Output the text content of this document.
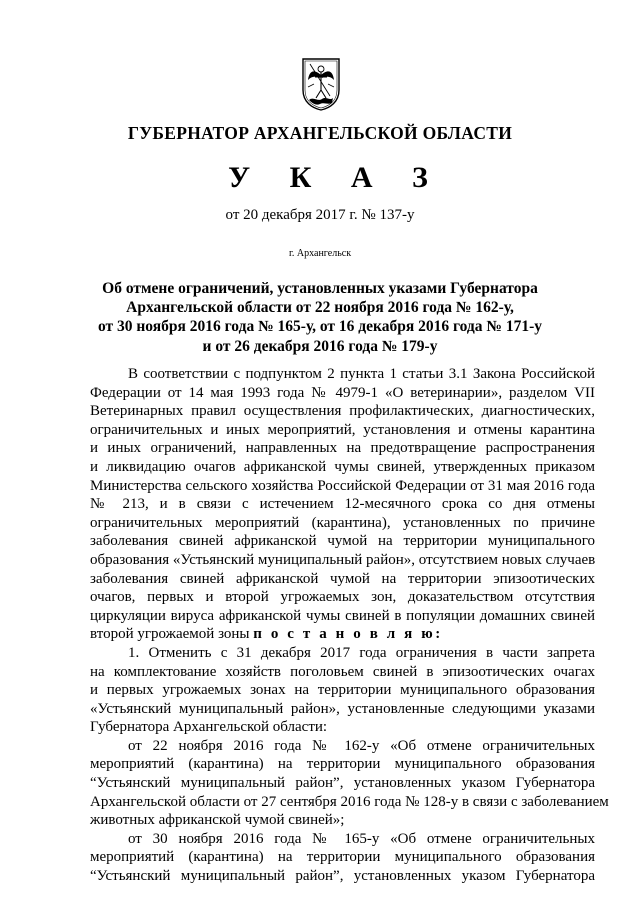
ГУБЕРНАТОР АРХАНГЕЛЬСКОЙ ОБЛАСТИ
У К А З
от 20 декабря 2017 г. № 137-у
г. Архангельск
Об отмене ограничений, установленных указами Губернатора
Архангельской области от 22 ноября 2016 года № 162-у,
от 30 ноября 2016 года № 165-у, от 16 декабря 2016 года № 171-у
и от 26 декабря 2016 года № 179-у
В соответствии с подпунктом 2 пункта 1 статьи 3.1 Закона Российской
Федерации от 14 мая 1993 года № 4979-1 «О ветеринарии», разделом VII
Ветеринарных правил осуществления профилактических, диагностических,
ограничительных и иных мероприятий, установления и отмены карантина
и иных ограничений, направленных на предотвращение распространения
и ликвидацию очагов африканской чумы свиней, утвержденных приказом
Министерства сельского хозяйства Российской Федерации от 31 мая 2016 года
№ 213, и в связи с истечением 12-месячного срока со дня отмены
ограничительных мероприятий (карантина), установленных по причине
заболевания свиней африканской чумой на территории муниципального
образования «Устьянский муниципальный район», отсутствием новых случаев
заболевания свиней африканской чумой на территории эпизоотических
очагов, первых и второй угрожаемых зон, доказательством отсутствия
циркуляции вируса африканской чумы свиней в популяции домашних свиней
второй угрожаемой зоны п о с т а н о в л я ю:
1. Отменить с 31 декабря 2017 года ограничения в части запрета
на комплектование хозяйств поголовьем свиней в эпизоотических очагах
и первых угрожаемых зонах на территории муниципального образования
«Устьянский муниципальный район», установленные следующими указами
Губернатора Архангельской области:
от 22 ноября 2016 года № 162-у «Об отмене ограничительных
мероприятий (карантина) на территории муниципального образования
“Устьянский муниципальный район”, установленных указом Губернатора
Архангельской области от 27 сентября 2016 года № 128-у в связи с заболеванием
животных африканской чумой свиней»;
от 30 ноября 2016 года № 165-у «Об отмене ограничительных
мероприятий (карантина) на территории муниципального образования
“Устьянский муниципальный район”, установленных указом Губернатора
